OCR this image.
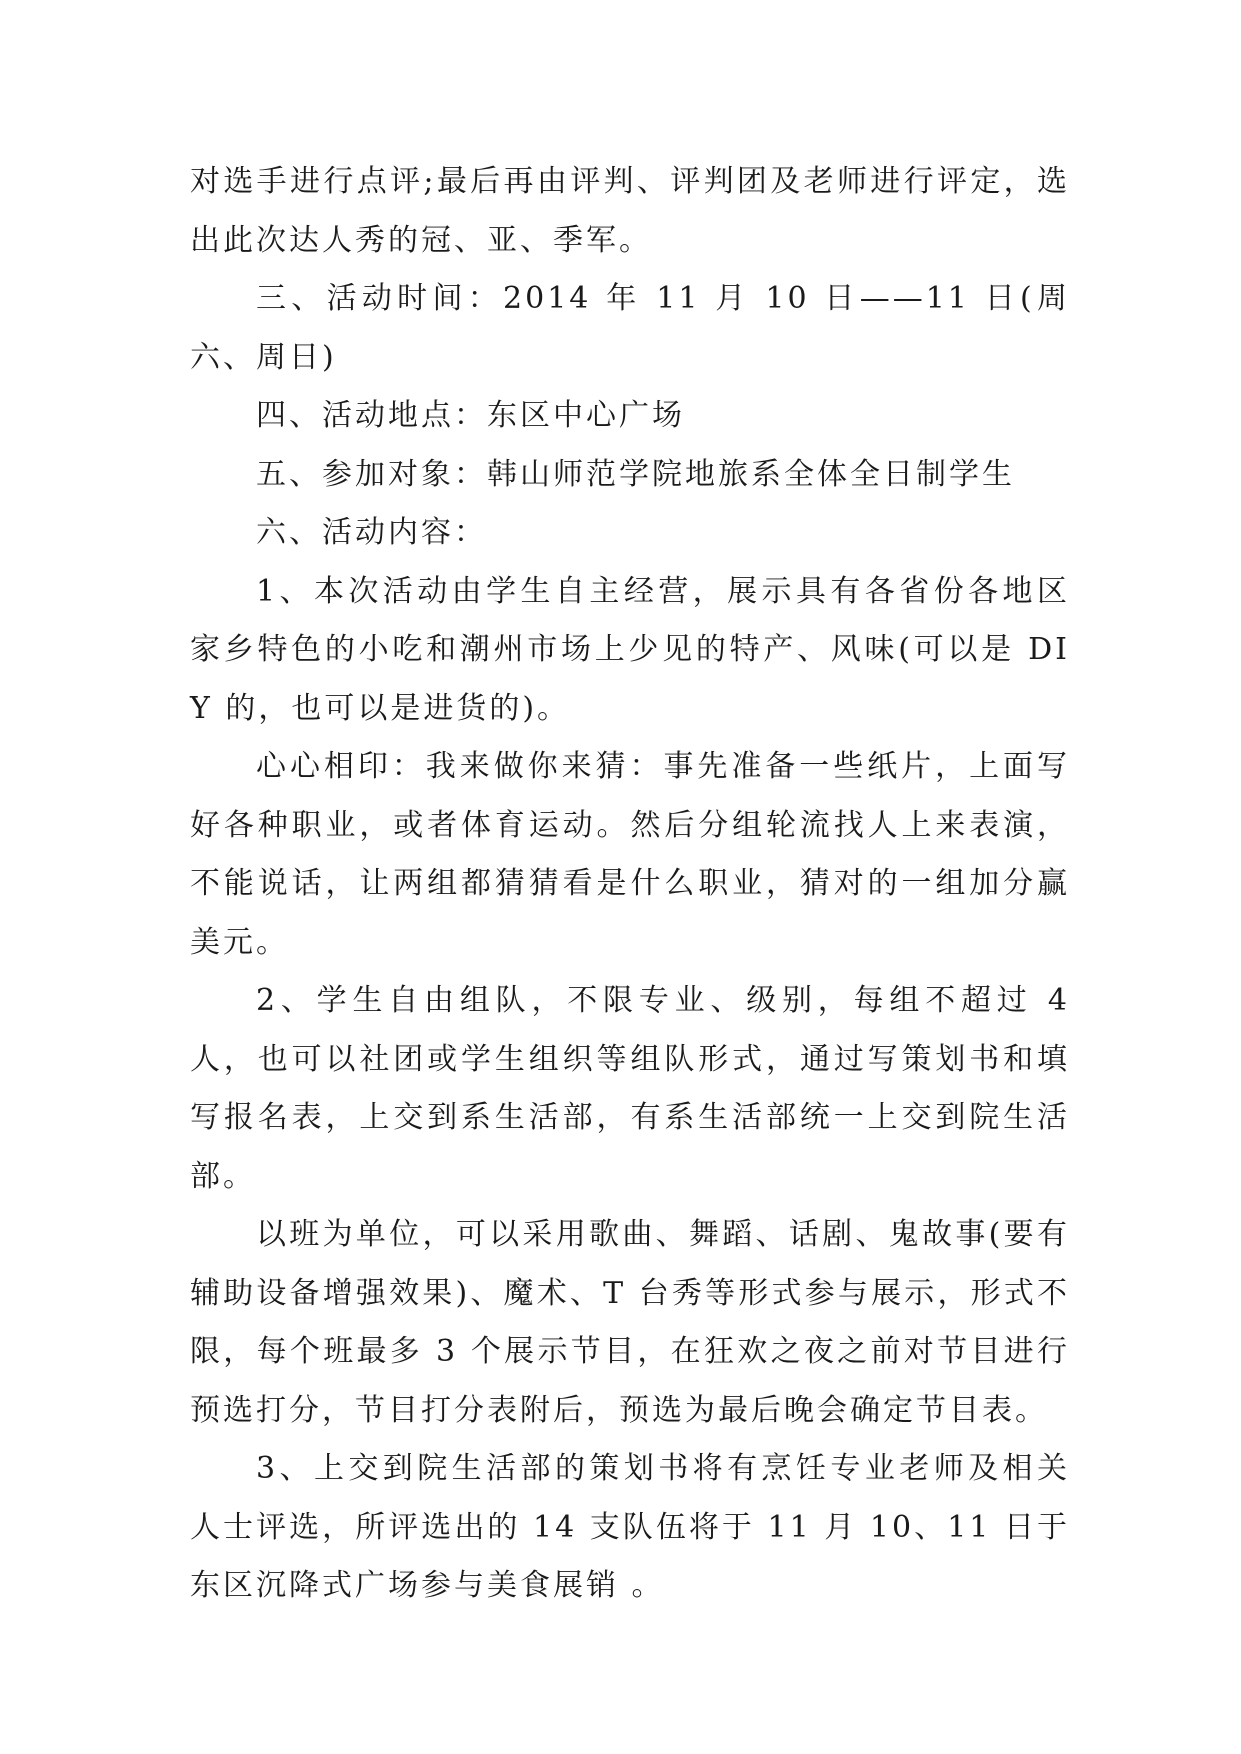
对选手进行点评;最后再由评判、评判团及老师进行评定，选出此次达人秀的冠、亚、季军。

三、活动时间：2014 年 11 月 10 日——11 日(周六、周日)

四、活动地点：东区中心广场

五、参加对象：韩山师范学院地旅系全体全日制学生

六、活动内容：

1、本次活动由学生自主经营，展示具有各省份各地区家乡特色的小吃和潮州市场上少见的特产、风味(可以是 DIY 的，也可以是进货的)。

心心相印：我来做你来猜：事先准备一些纸片，上面写好各种职业，或者体育运动。然后分组轮流找人上来表演，不能说话，让两组都猜猜看是什么职业，猜对的一组加分赢美元。

2、学生自由组队，不限专业、级别，每组不超过 4 人，也可以社团或学生组织等组队形式，通过写策划书和填写报名表，上交到系生活部，有系生活部统一上交到院生活部。

以班为单位，可以采用歌曲、舞蹈、话剧、鬼故事(要有辅助设备增强效果)、魔术、T 台秀等形式参与展示，形式不限，每个班最多 3 个展示节目，在狂欢之夜之前对节目进行预选打分，节目打分表附后，预选为最后晚会确定节目表。

3、上交到院生活部的策划书将有烹饪专业老师及相关人士评选，所评选出的 14 支队伍将于 11 月 10、11 日于东区沉降式广场参与美食展销 。
